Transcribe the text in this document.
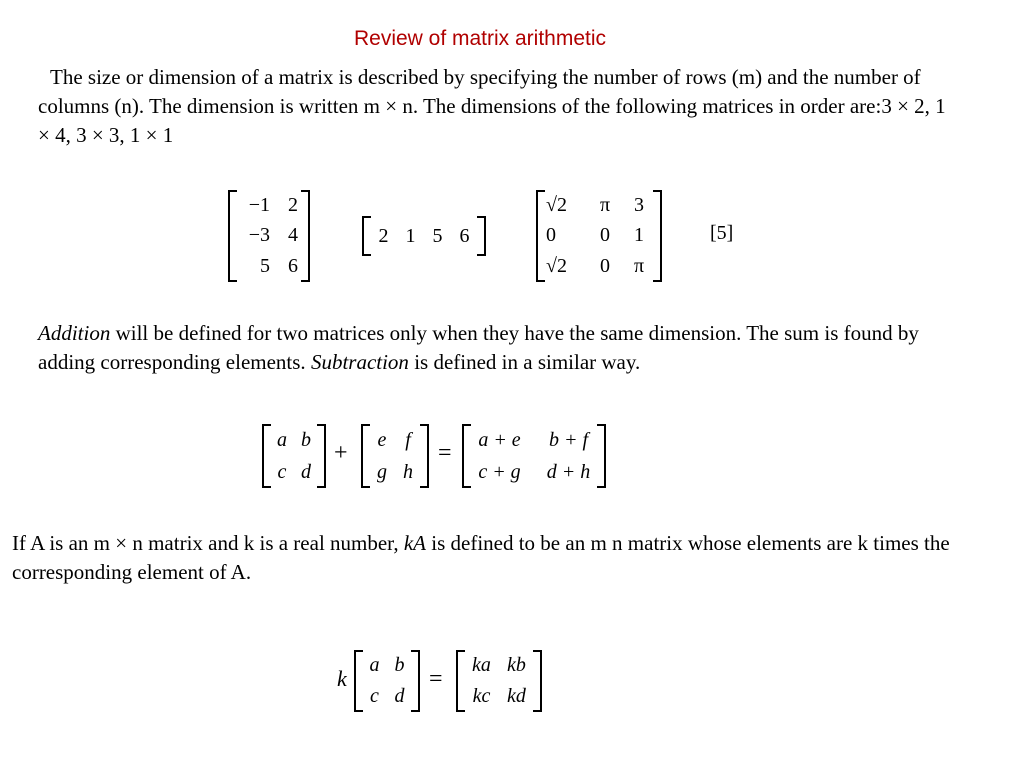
Review of matrix arithmetic

The size or dimension of a matrix is described by specifying the number of rows (m) and the number of columns (n). The dimension is written m × n. The dimensions of the following matrices in order are:3 × 2, 1 × 4, 3 × 3, 1 × 1

−1 2
−3 4
5 6
2 1 5 6
√2	π	3
0	0	1
√2	0	π
[5]

Addition will be defined for two matrices only when they have the same dimension. The sum is found by adding corresponding elements. Subtraction is defined in a similar way.

a b
c d
+
e f
g h
=
a + e	b + f
c + g	d + h

If A is an m × n matrix and k is a real number, kA is defined to be an m n matrix whose elements are k times the corresponding element of A.

k
a b
c d
=
ka kb
kc kd
